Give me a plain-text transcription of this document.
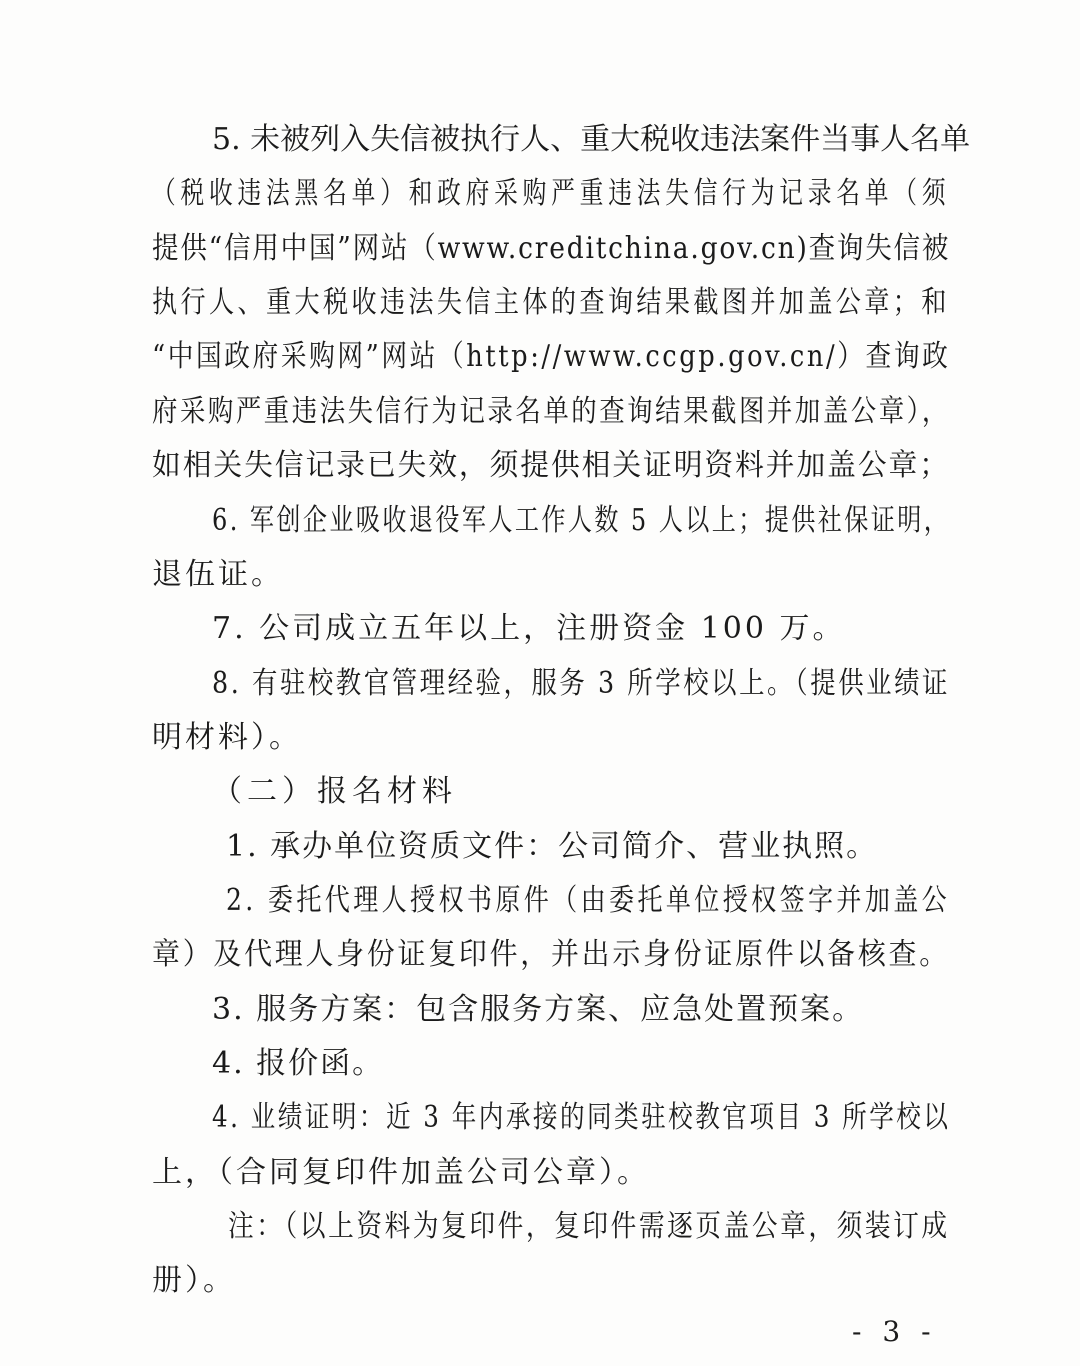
5. 未被列入失信被执行人、重大税收违法案件当事人名单
（税收违法黑名单）和政府采购严重违法失信行为记录名单（须
提供“信用中国”网站（www.creditchina.gov.cn)查询失信被
执行人、重大税收违法失信主体的查询结果截图并加盖公章；和
“中国政府采购网”网站（http://www.ccgp.gov.cn/）查询政
府采购严重违法失信行为记录名单的查询结果截图并加盖公章），
如相关失信记录已失效，须提供相关证明资料并加盖公章；
6. 军创企业吸收退役军人工作人数 5 人以上；提供社保证明，
退伍证。
7. 公司成立五年以上，注册资金 100 万。
8. 有驻校教官管理经验，服务 3 所学校以上。（提供业绩证
明材料）。
（二）报名材料
1. 承办单位资质文件：公司简介、营业执照。
2. 委托代理人授权书原件（由委托单位授权签字并加盖公
章）及代理人身份证复印件，并出示身份证原件以备核查。
3. 服务方案：包含服务方案、应急处置预案。
4. 报价函。
4. 业绩证明：近 3 年内承接的同类驻校教官项目 3 所学校以
上，（合同复印件加盖公司公章）。
注：（以上资料为复印件，复印件需逐页盖公章，须装订成
册）。
- 3 -
